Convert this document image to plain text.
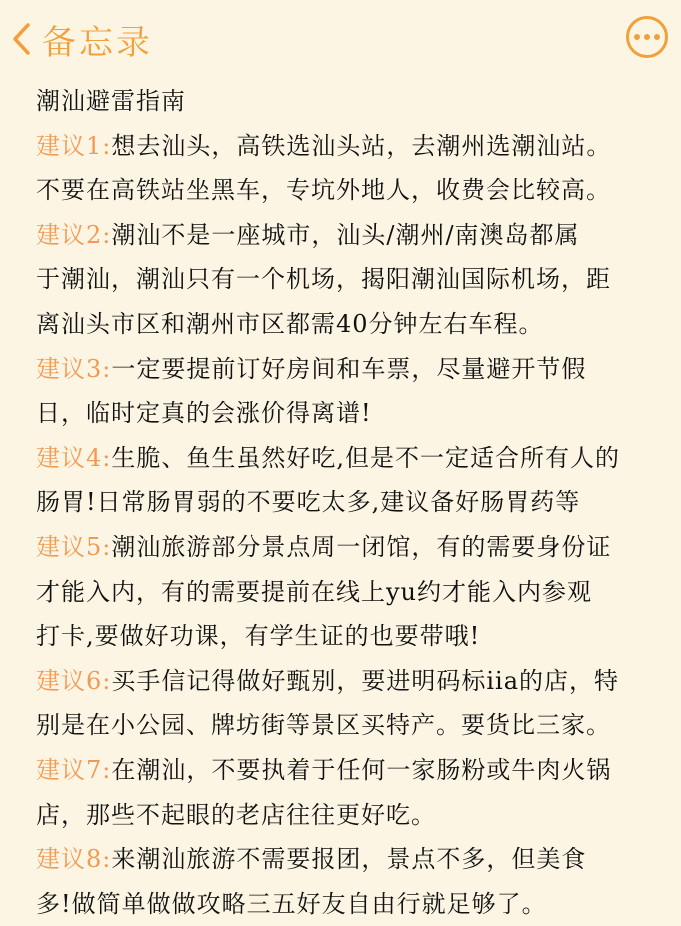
备忘录
潮汕避雷指南
建议1:想去汕头，高铁选汕头站，去潮州选潮汕站。
不要在高铁站坐黑车，专坑外地人，收费会比较高。
建议2:潮汕不是一座城市，汕头/潮州/南澳岛都属
于潮汕，潮汕只有一个机场，揭阳潮汕国际机场，距
离汕头市区和潮州市区都需40分钟左右车程。
建议3:一定要提前订好房间和车票，尽量避开节假
日，临时定真的会涨价得离谱!
建议4:生脆、鱼生虽然好吃,但是不一定适合所有人的
肠胃!日常肠胃弱的不要吃太多,建议备好肠胃药等
建议5:潮汕旅游部分景点周一闭馆，有的需要身份证
才能入内，有的需要提前在线上yu约才能入内参观
打卡,要做好功课，有学生证的也要带哦!
建议6:买手信记得做好甄别，要进明码标iia的店，特
别是在小公园、牌坊街等景区买特产。要货比三家。
建议7:在潮汕，不要执着于任何一家肠粉或牛肉火锅
店，那些不起眼的老店往往更好吃。
建议8:来潮汕旅游不需要报团，景点不多，但美食
多!做简单做做攻略三五好友自由行就足够了。
